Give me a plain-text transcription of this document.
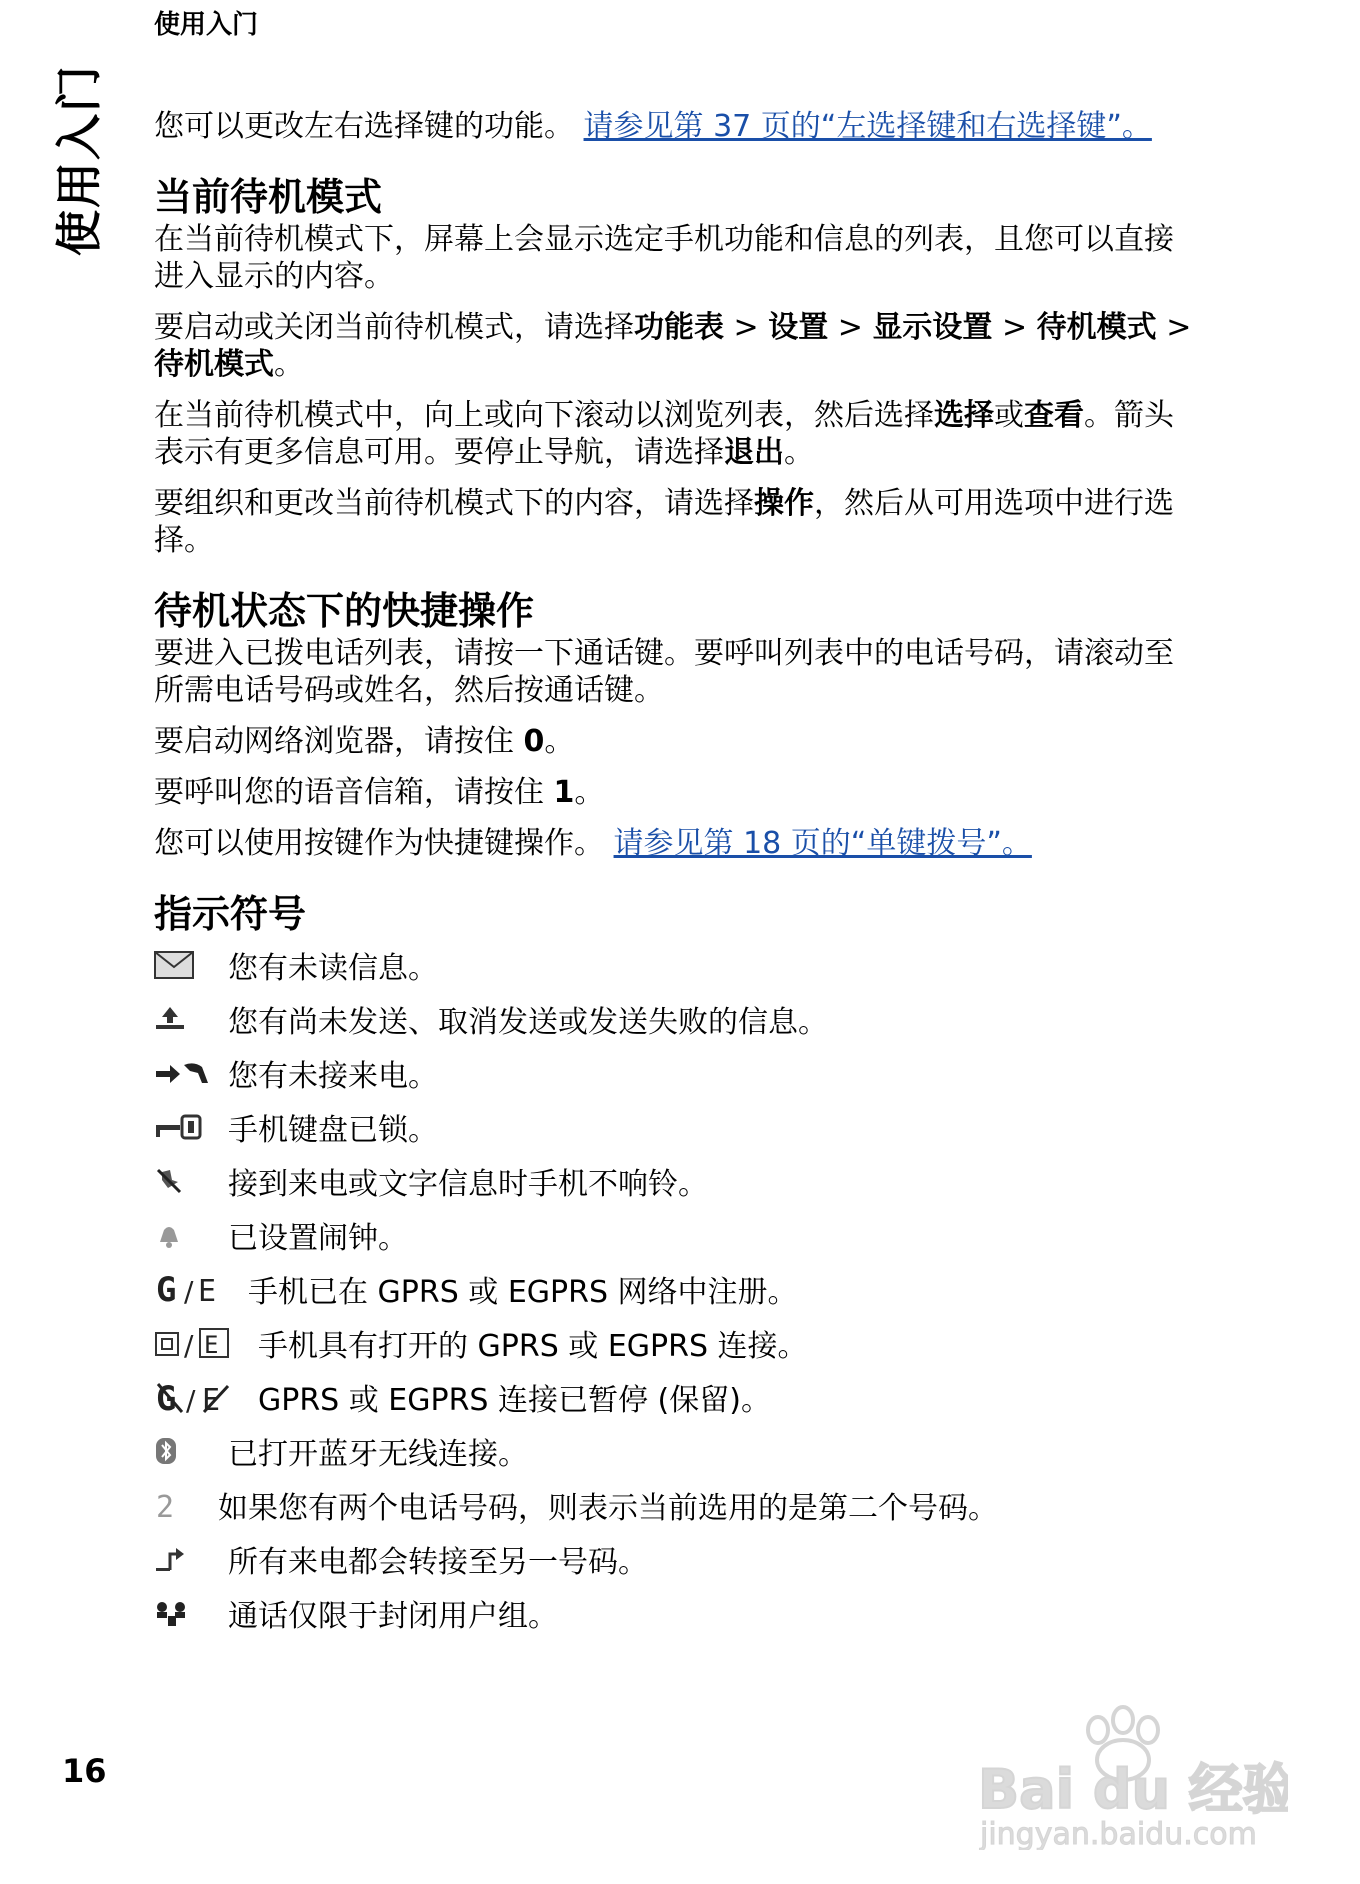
使用入门
使用入门 您可以更改左右选择键的功能。 请参见第 37 页的“左选择键和右选择键”。

当前待机模式

在当前待机模式下，屏幕上会显示选定手机功能和信息的列表，且您可以直接进入显示的内容。

要启动或关闭当前待机模式，请选择功能表 > 设置 > 显示设置 > 待机模式 > 待机模式。

在当前待机模式中，向上或向下滚动以浏览列表，然后选择选择或查看。箭头表示有更多信息可用。要停止导航，请选择退出。

要组织和更改当前待机模式下的内容，请选择操作，然后从可用选项中进行选择。

待机状态下的快捷操作

要进入已拨电话列表，请按一下通话键。要呼叫列表中的电话号码，请滚动至所需电话号码或姓名，然后按通话键。

要启动网络浏览器，请按住 0。

要呼叫您的语音信箱，请按住 1。

您可以使用按键作为快捷键操作。 请参见第 18 页的“单键拨号”。

指示符号
您有未读信息。
您有尚未发送、取消发送或发送失败的信息。
您有未接来电。
手机键盘已锁。
接到来电或文字信息时手机不响铃。
已设置闹钟。
G / E 手机已在 GPRS 或 EGPRS 网络中注册。
/ E 手机具有打开的 GPRS 或 EGPRS 连接。
G / E GPRS 或 EGPRS 连接已暂停 (保留)。
已打开蓝牙无线连接。
2 如果您有两个电话号码，则表示当前选用的是第二个号码。
所有来电都会转接至另一号码。
通话仅限于封闭用户组。
16	Bai du 经验
jingyan.baidu.com
